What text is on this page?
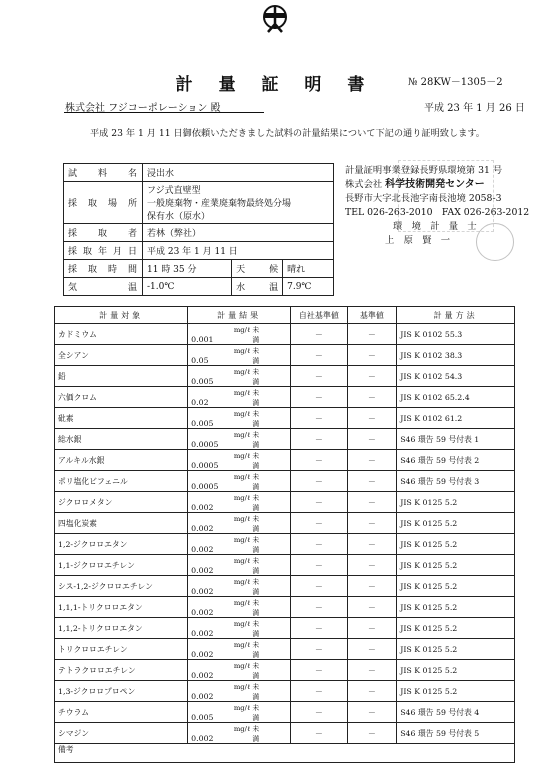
計 量 証 明 書	№ 28KW－1305－2
株式会社 フジコーポレーション 殿	平成 23 年 1 月 26 日
平成 23 年 1 月 11 日御依頼いただきました試料の計量結果について下記の通り証明致します。
試料名	浸出水		
採取場所	フジ式直壁型
一般廃棄物・産業廃棄物最終処分場
保有水（原水）		
採取者	若林（弊社）		
採取年月日	平成 23 年 1 月 11 日		
採取時間	11 時 35 分	天候	晴れ
気温	-1.0℃	水温	7.9℃
計量証明事業登録長野県環境第 31 号
株式会社 科学技術開発センター
長野市大字北長池字南長池境 2058-3
TEL 026-263-2010　FAX 026-263-2012
環　境　計　量　士
上　原　賢　一
計量対象	計量結果	自社基準値	基準値	計量方法
カドミウム	0.001mg/ℓ 未満	－	－	JIS K 0102 55.3
全シアン	0.05mg/ℓ 未満	－	－	JIS K 0102 38.3
鉛	0.005mg/ℓ 未満	－	－	JIS K 0102 54.3
六価クロム	0.02mg/ℓ 未満	－	－	JIS K 0102 65.2.4
砒素	0.005mg/ℓ 未満	－	－	JIS K 0102 61.2
総水銀	0.0005mg/ℓ 未満	－	－	S46 環告 59 号付表 1
アルキル水銀	0.0005mg/ℓ 未満	－	－	S46 環告 59 号付表 2
ポリ塩化ビフェニル	0.0005mg/ℓ 未満	－	－	S46 環告 59 号付表 3
ジクロロメタン	0.002mg/ℓ 未満	－	－	JIS K 0125 5.2
四塩化炭素	0.002mg/ℓ 未満	－	－	JIS K 0125 5.2
1,2-ジクロロエタン	0.002mg/ℓ 未満	－	－	JIS K 0125 5.2
1,1-ジクロロエチレン	0.002mg/ℓ 未満	－	－	JIS K 0125 5.2
シス-1,2-ジクロロエチレン	0.002mg/ℓ 未満	－	－	JIS K 0125 5.2
1,1,1-トリクロロエタン	0.002mg/ℓ 未満	－	－	JIS K 0125 5.2
1,1,2-トリクロロエタン	0.002mg/ℓ 未満	－	－	JIS K 0125 5.2
トリクロロエチレン	0.002mg/ℓ 未満	－	－	JIS K 0125 5.2
テトラクロロエチレン	0.002mg/ℓ 未満	－	－	JIS K 0125 5.2
1,3-ジクロロプロペン	0.002mg/ℓ 未満	－	－	JIS K 0125 5.2
チウラム	0.005mg/ℓ 未満	－	－	S46 環告 59 号付表 4
シマジン	0.002mg/ℓ 未満	－	－	S46 環告 59 号付表 5
備考				
